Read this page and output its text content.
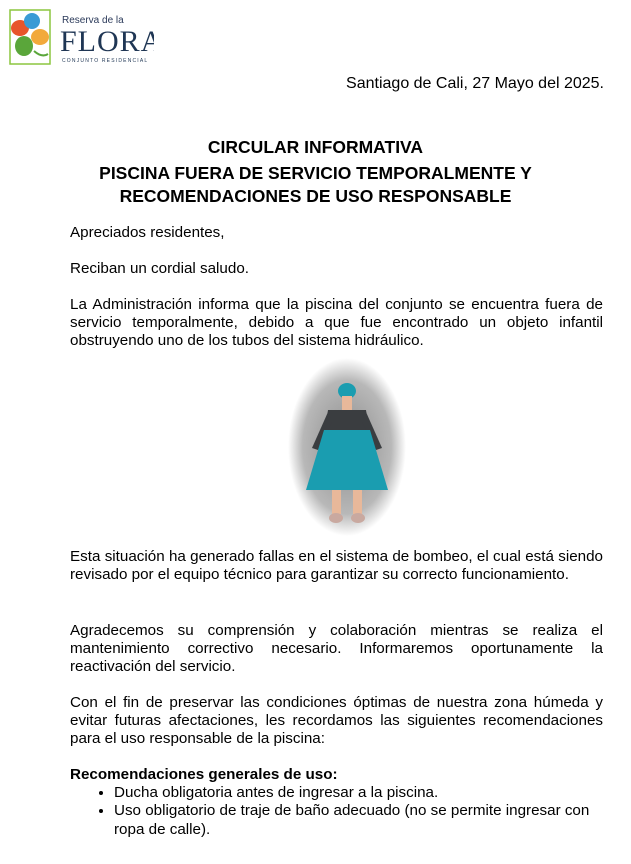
Reserva de la
FLORA
CONJUNTO RESIDENCIAL
Santiago de Cali, 27 Mayo del 2025.
CIRCULAR INFORMATIVA
PISCINA FUERA DE SERVICIO TEMPORALMENTE Y
RECOMENDACIONES DE USO RESPONSABLE
Apreciados residentes,
Reciban un cordial saludo.
La Administración informa que la piscina del conjunto se encuentra fuera de servicio temporalmente, debido a que fue encontrado un objeto infantil obstruyendo uno de los tubos del sistema hidráulico.
Esta situación ha generado fallas en el sistema de bombeo, el cual está siendo revisado por el equipo técnico para garantizar su correcto funcionamiento.
Agradecemos su comprensión y colaboración mientras se realiza el mantenimiento correctivo necesario. Informaremos oportunamente la reactivación del servicio.
Con el fin de preservar las condiciones óptimas de nuestra zona húmeda y evitar futuras afectaciones, les recordamos las siguientes recomendaciones para el uso responsable de la piscina:
Recomendaciones generales de uso:
• Ducha obligatoria antes de ingresar a la piscina.
• Uso obligatorio de traje de baño adecuado (no se permite ingresar con ropa de calle).
